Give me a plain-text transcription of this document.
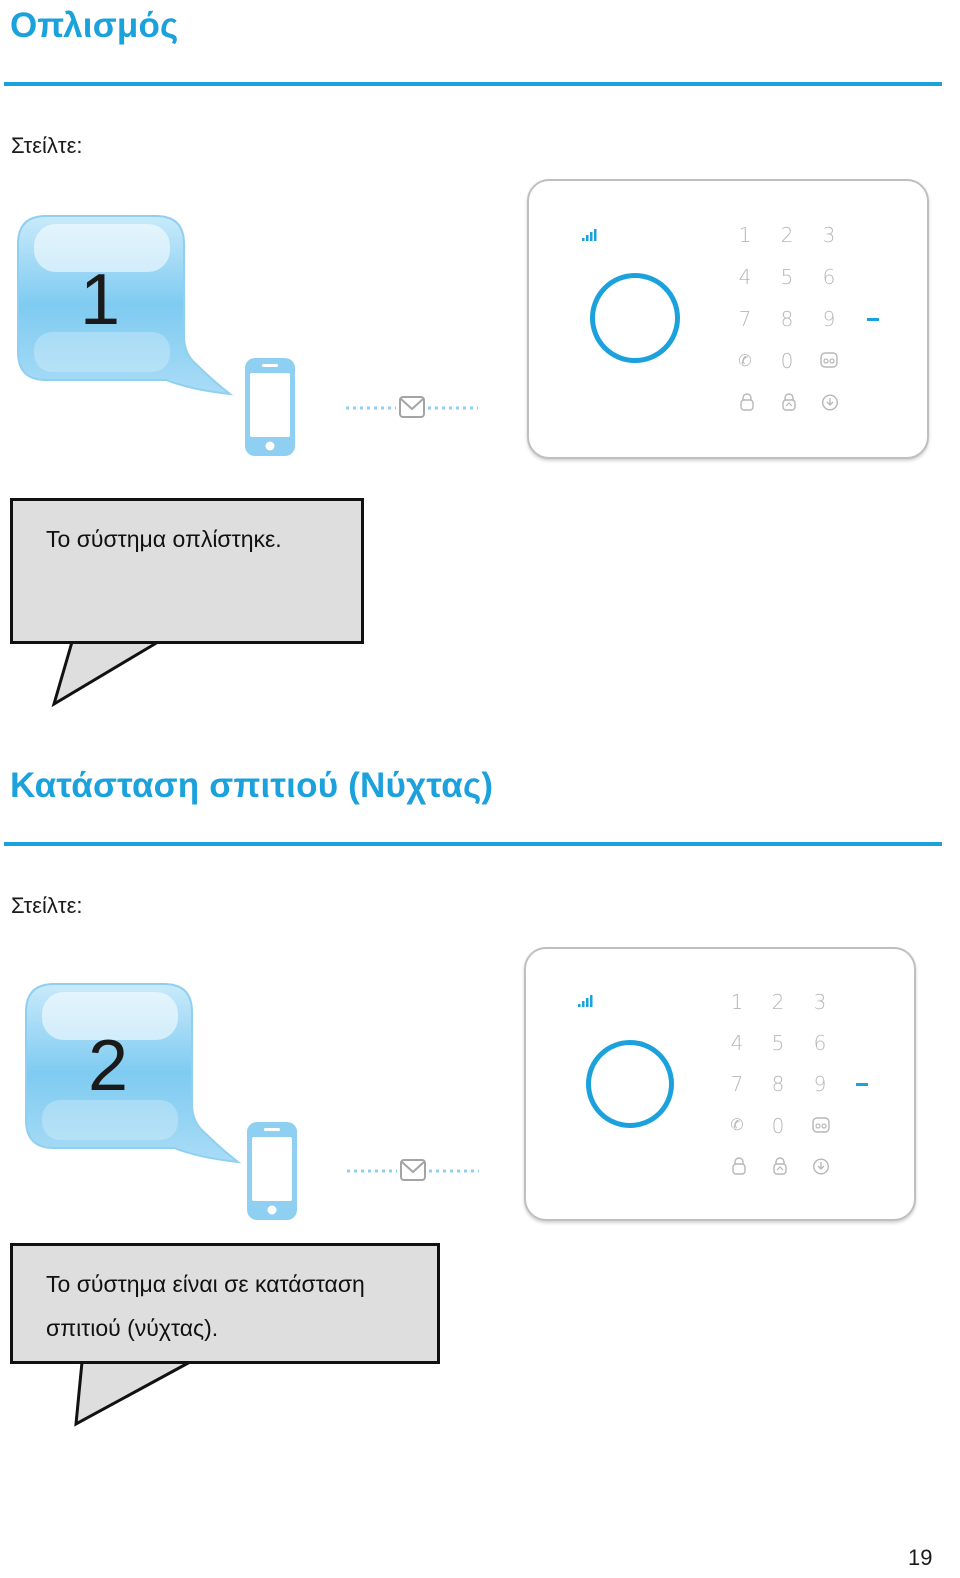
Οπλισμός
Στείλτε:
1
1 2 3
4 5 6
7 8 9
✆ 0
Το σύστημα οπλίστηκε.
Κατάσταση σπιτιού (Νύχτας)
Στείλτε:
2
1 2 3
4 5 6
7 8 9
✆ 0
Το σύστημα είναι σε κατάσταση
σπιτιού (νύχτας).
19
